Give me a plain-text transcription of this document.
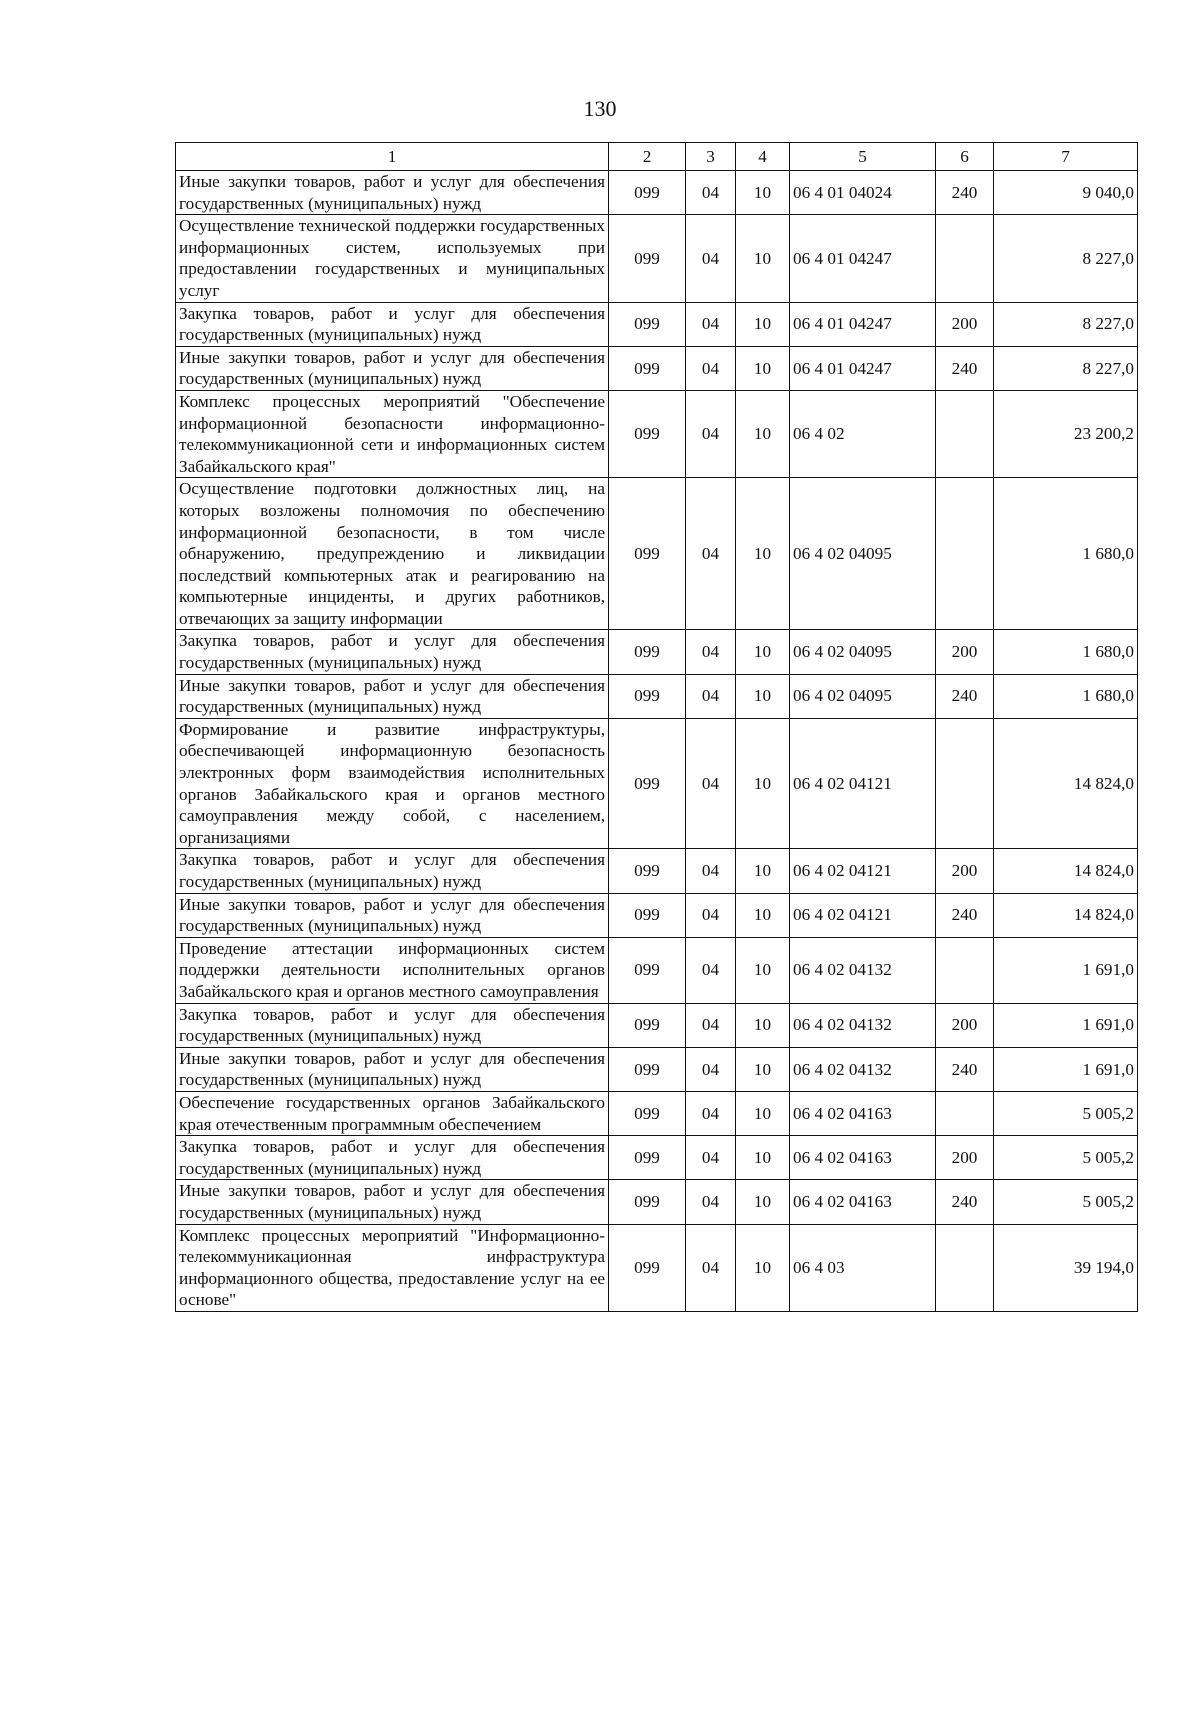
130
1	2	3	4	5	6	7
Иные закупки товаров, работ и услуг для обеспечения государственных (муниципальных) нужд	099	04	10	06 4 01 04024	240	9 040,0
Осуществление технической поддержки государственных информационных систем, используемых при предоставлении государственных и муниципальных услуг	099	04	10	06 4 01 04247		8 227,0
Закупка товаров, работ и услуг для обеспечения государственных (муниципальных) нужд	099	04	10	06 4 01 04247	200	8 227,0
Иные закупки товаров, работ и услуг для обеспечения государственных (муниципальных) нужд	099	04	10	06 4 01 04247	240	8 227,0
Комплекс процессных мероприятий "Обеспечение информационной безопасности информационно-телекоммуникационной сети и информационных систем Забайкальского края"	099	04	10	06 4 02		23 200,2
Осуществление подготовки должностных лиц, на которых возложены полномочия по обеспечению информационной безопасности, в том числе обнаружению, предупреждению и ликвидации последствий компьютерных атак и реагированию на компьютерные инциденты, и других работников, отвечающих за защиту информации	099	04	10	06 4 02 04095		1 680,0
Закупка товаров, работ и услуг для обеспечения государственных (муниципальных) нужд	099	04	10	06 4 02 04095	200	1 680,0
Иные закупки товаров, работ и услуг для обеспечения государственных (муниципальных) нужд	099	04	10	06 4 02 04095	240	1 680,0
Формирование и развитие инфраструктуры, обеспечивающей информационную безопасность электронных форм взаимодействия исполнительных органов Забайкальского края и органов местного самоуправления между собой, с населением, организациями	099	04	10	06 4 02 04121		14 824,0
Закупка товаров, работ и услуг для обеспечения государственных (муниципальных) нужд	099	04	10	06 4 02 04121	200	14 824,0
Иные закупки товаров, работ и услуг для обеспечения государственных (муниципальных) нужд	099	04	10	06 4 02 04121	240	14 824,0
Проведение аттестации информационных систем поддержки деятельности исполнительных органов Забайкальского края и органов местного самоуправления	099	04	10	06 4 02 04132		1 691,0
Закупка товаров, работ и услуг для обеспечения государственных (муниципальных) нужд	099	04	10	06 4 02 04132	200	1 691,0
Иные закупки товаров, работ и услуг для обеспечения государственных (муниципальных) нужд	099	04	10	06 4 02 04132	240	1 691,0
Обеспечение государственных органов Забайкальского края отечественным программным обеспечением	099	04	10	06 4 02 04163		5 005,2
Закупка товаров, работ и услуг для обеспечения государственных (муниципальных) нужд	099	04	10	06 4 02 04163	200	5 005,2
Иные закупки товаров, работ и услуг для обеспечения государственных (муниципальных) нужд	099	04	10	06 4 02 04163	240	5 005,2
Комплекс процессных мероприятий "Информационно-телекоммуникационная инфраструктура информационного общества, предоставление услуг на ее основе"	099	04	10	06 4 03		39 194,0
